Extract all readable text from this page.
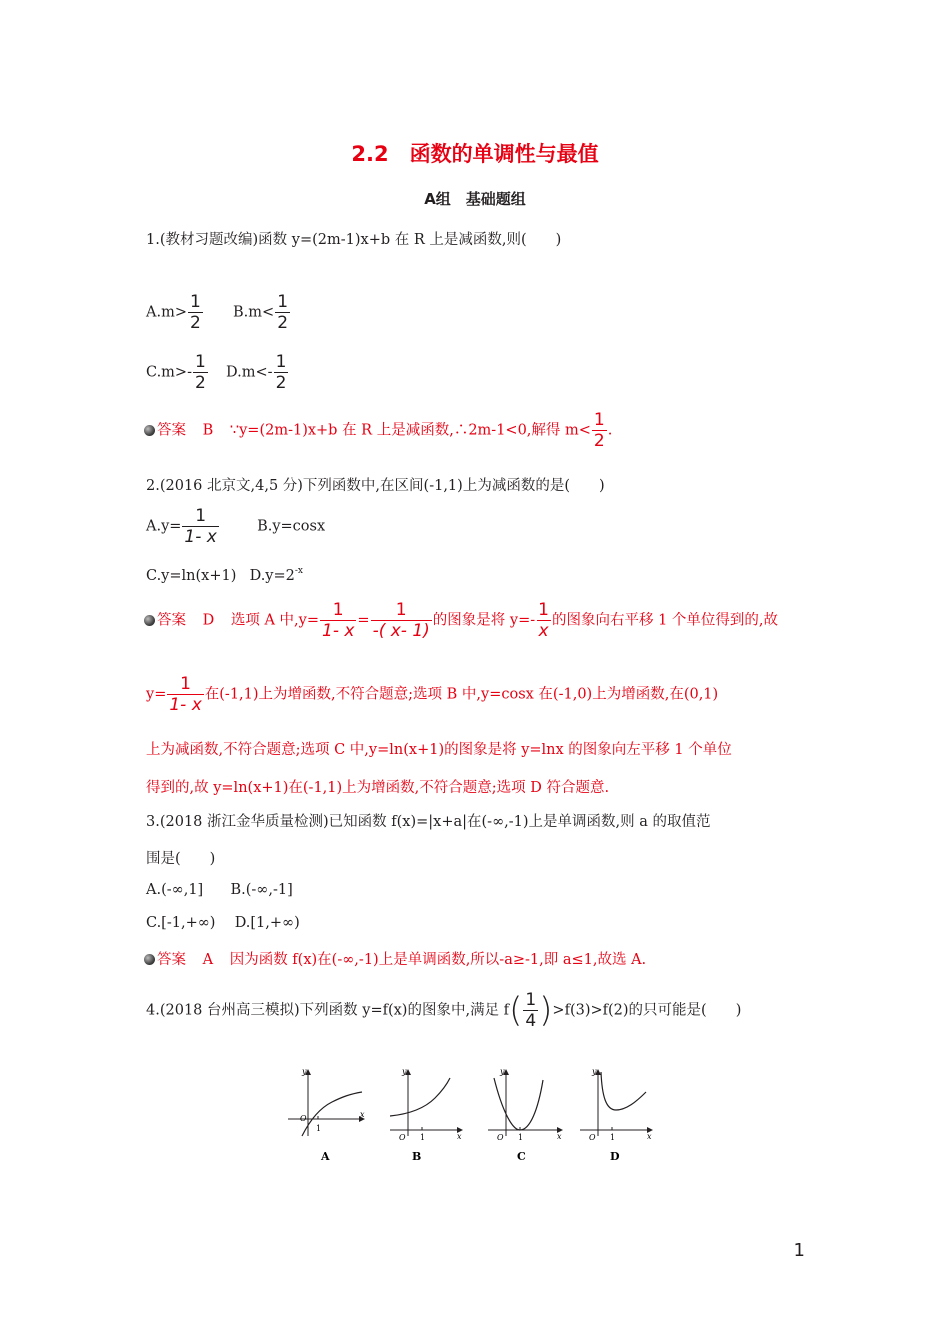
2.2　函数的单调性与最值
A组　基础题组
1.(教材习题改编)函数 y=(2m-1)x+b 在 R 上是减函数,则(　　)
$A.m> \frac{1}{2} B.m< \frac{1}{2}$
$C.m>- \frac{1}{2} D.m<- \frac{1}{2}$
答案 B ∵y=(2m-1)x+b 在 R 上是减函数,∴2m-1<0,解得 $m< \frac{1}{2}$ .
2.(2016 北京文,4,5 分)下列函数中,在区间(-1,1)上为减函数的是(　　)
$A.y= \frac{1}{1- x}$	B.y=cosx
C.y=ln(x+1) $D.y=2^{-x}$
答案 D 选项 A 中$,y= \frac{1}{1- x} = \frac{1}{-( x- 1)}$ 的图象是将 $y=- \frac{1}{x}$ 的图象向右平移 1 个单位得到的,故
$y= \frac{1}{1- x}$ 在(-1,1)上为增函数,不符合题意;选项 B 中,y=cosx 在(-1,0)上为增函数,在(0,1)
上为减函数,不符合题意;选项 C 中,y=ln(x+1)的图象是将 y=lnx 的图象向左平移 1 个单位
得到的,故 y=ln(x+1)在(-1,1)上为增函数,不符合题意;选项 D 符合题意.
3.(2018 浙江金华质量检测)已知函数 f(x)=|x+a|在(-∞,-1)上是单调函数,则 a 的取值范
围是(　　)
A.(-∞,1] B.(-∞,-1]
C.[-1,+∞) D.[1,+∞)
答案 A 因为函数 f(x)在(-∞,-1)上是单调函数,所以-a≥-1,即 a≤1,故选 A.
4.(2018 台州高三模拟)下列函数 y=f(x)的图象中,满足 $f( \frac{1}{4} )>f(3)>f(2)$的只可能是(　　)
y
x
O
1
A
y
x
O 1
B
y
x
O 1
C
y
x
O 1
D
1
